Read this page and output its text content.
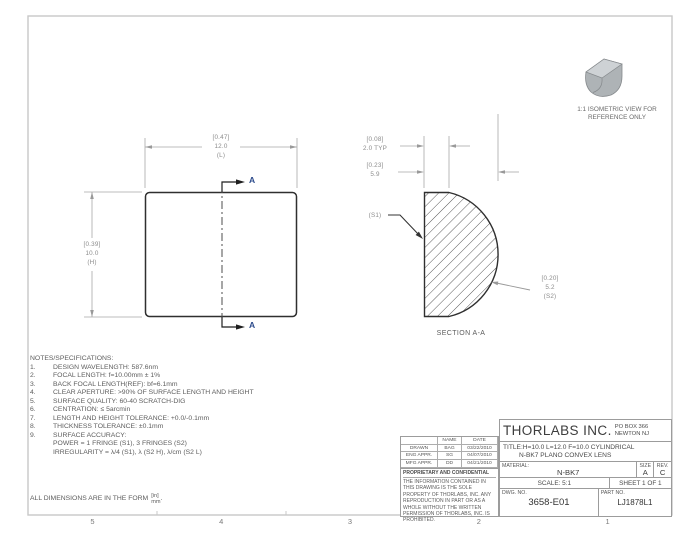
A
A
[0.47]
12.0
(L)
[0.39]
10.0
(H)
[0.08]
2.0 TYP
[0.23]
5.9
(S1)
[0.20]
5.2
(S2)
SECTION A-A
1:1 ISOMETRIC VIEW FOR
REFERENCE ONLY
NOTES/SPECIFICATIONS:
1.	DESIGN WAVELENGTH: 587.6nm
2.	FOCAL LENGTH: f=10.00mm ± 1%
3.	BACK FOCAL LENGTH(REF): bf=6.1mm
4.	CLEAR APERTURE: >90% OF SURFACE LENGTH AND HEIGHT
5.	SURFACE QUALITY: 60-40 SCRATCH-DIG
6.	CENTRATION: ≤ 5arcmin
7.	LENGTH AND HEIGHT TOLERANCE: +0.0/-0.1mm
8.	THICKNESS TOLERANCE: ±0.1mm
9.	SURFACE ACCURACY:
POWER = 1 FRINGE (S1), 3 FRINGES (S2)
IRREGULARITY = λ/4 (S1), λ (S2 H), λ/cm (S2 L)
ALL DIMENSIONS ARE IN THE FORM [in]
mm
.
NAME	DATE
DRAWN	BAG	03/22/2010
ENG APPR.	SG	04/07/2010
MFG APPR.	DD	04/21/2010
PROPRIETARY AND CONFIDENTIAL
THE INFORMATION CONTAINED IN THIS DRAWING IS THE SOLE PROPERTY OF THORLABS, INC. ANY REPRODUCTION IN PART OR AS A WHOLE WITHOUT THE WRITTEN PERMISSION OF THORLABS, INC. IS PROHIBITED.
THORLABS INC. PO BOX 366
NEWTON NJ
TITLE:H=10.0 L=12.0 F=10.0 CYLINDRICAL
N-BK7 PLANO CONVEX LENS
MATERIAL:
N-BK7
SIZE
A
REV.
C
SCALE: 5:1	SHEET 1 OF 1
DWG. NO.
3658-E01
PART NO.
LJ1878L1
5	4	3	2	1
